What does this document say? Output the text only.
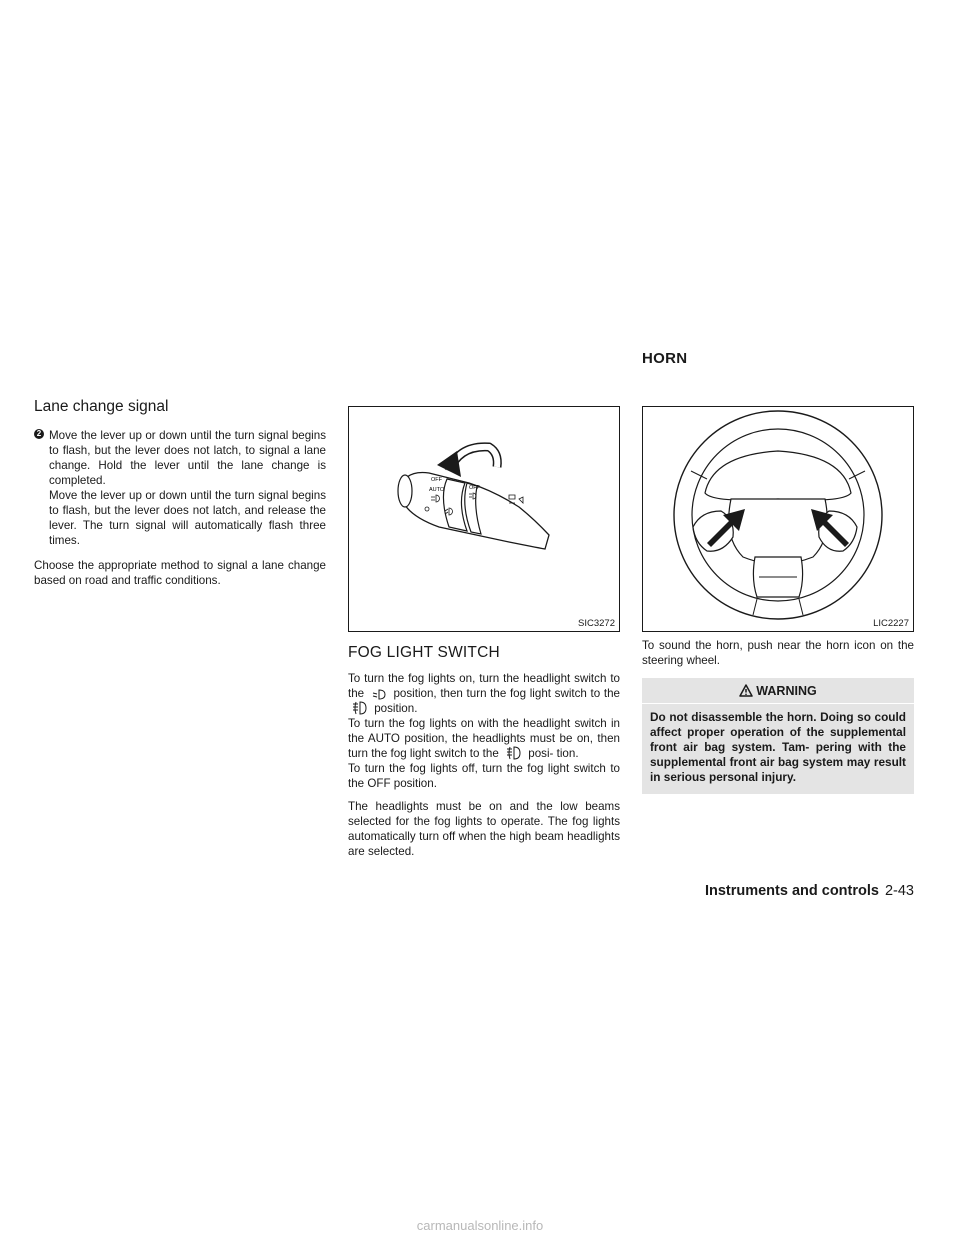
HORN
Lane change signal
2 Move the lever up or down until the turn signal begins to flash, but the lever does not latch, to signal a lane change. Hold the lever until the lane change is completed.

Move the lever up or down until the turn signal begins to flash, but the lever does not latch, and release the lever. The turn signal will automatically flash three times.

Choose the appropriate method to signal a lane change based on road and traffic conditions.

OFF
AUTO	OFF
SIC3272
FOG LIGHT SWITCH

To turn the fog lights on, turn the headlight switch to the	position, then turn the fog light switch to the  position.

To turn the fog lights on with the headlight switch in the AUTO position, the headlights must be on, then turn the fog light switch to the	posi- tion.

To turn the fog lights off, turn the fog light switch to the OFF position.

The headlights must be on and the low beams selected for the fog lights to operate. The fog lights automatically turn off when the high beam headlights are selected.

LIC2227

To sound the horn, push near the horn icon on the steering wheel.

WARNING

Do not disassemble the horn. Doing so could affect proper operation of the supplemental front air bag system. Tam- pering with the supplemental front air bag system may result in serious personal injury.

Instruments and controls 2-43
carmanualsonline.info
